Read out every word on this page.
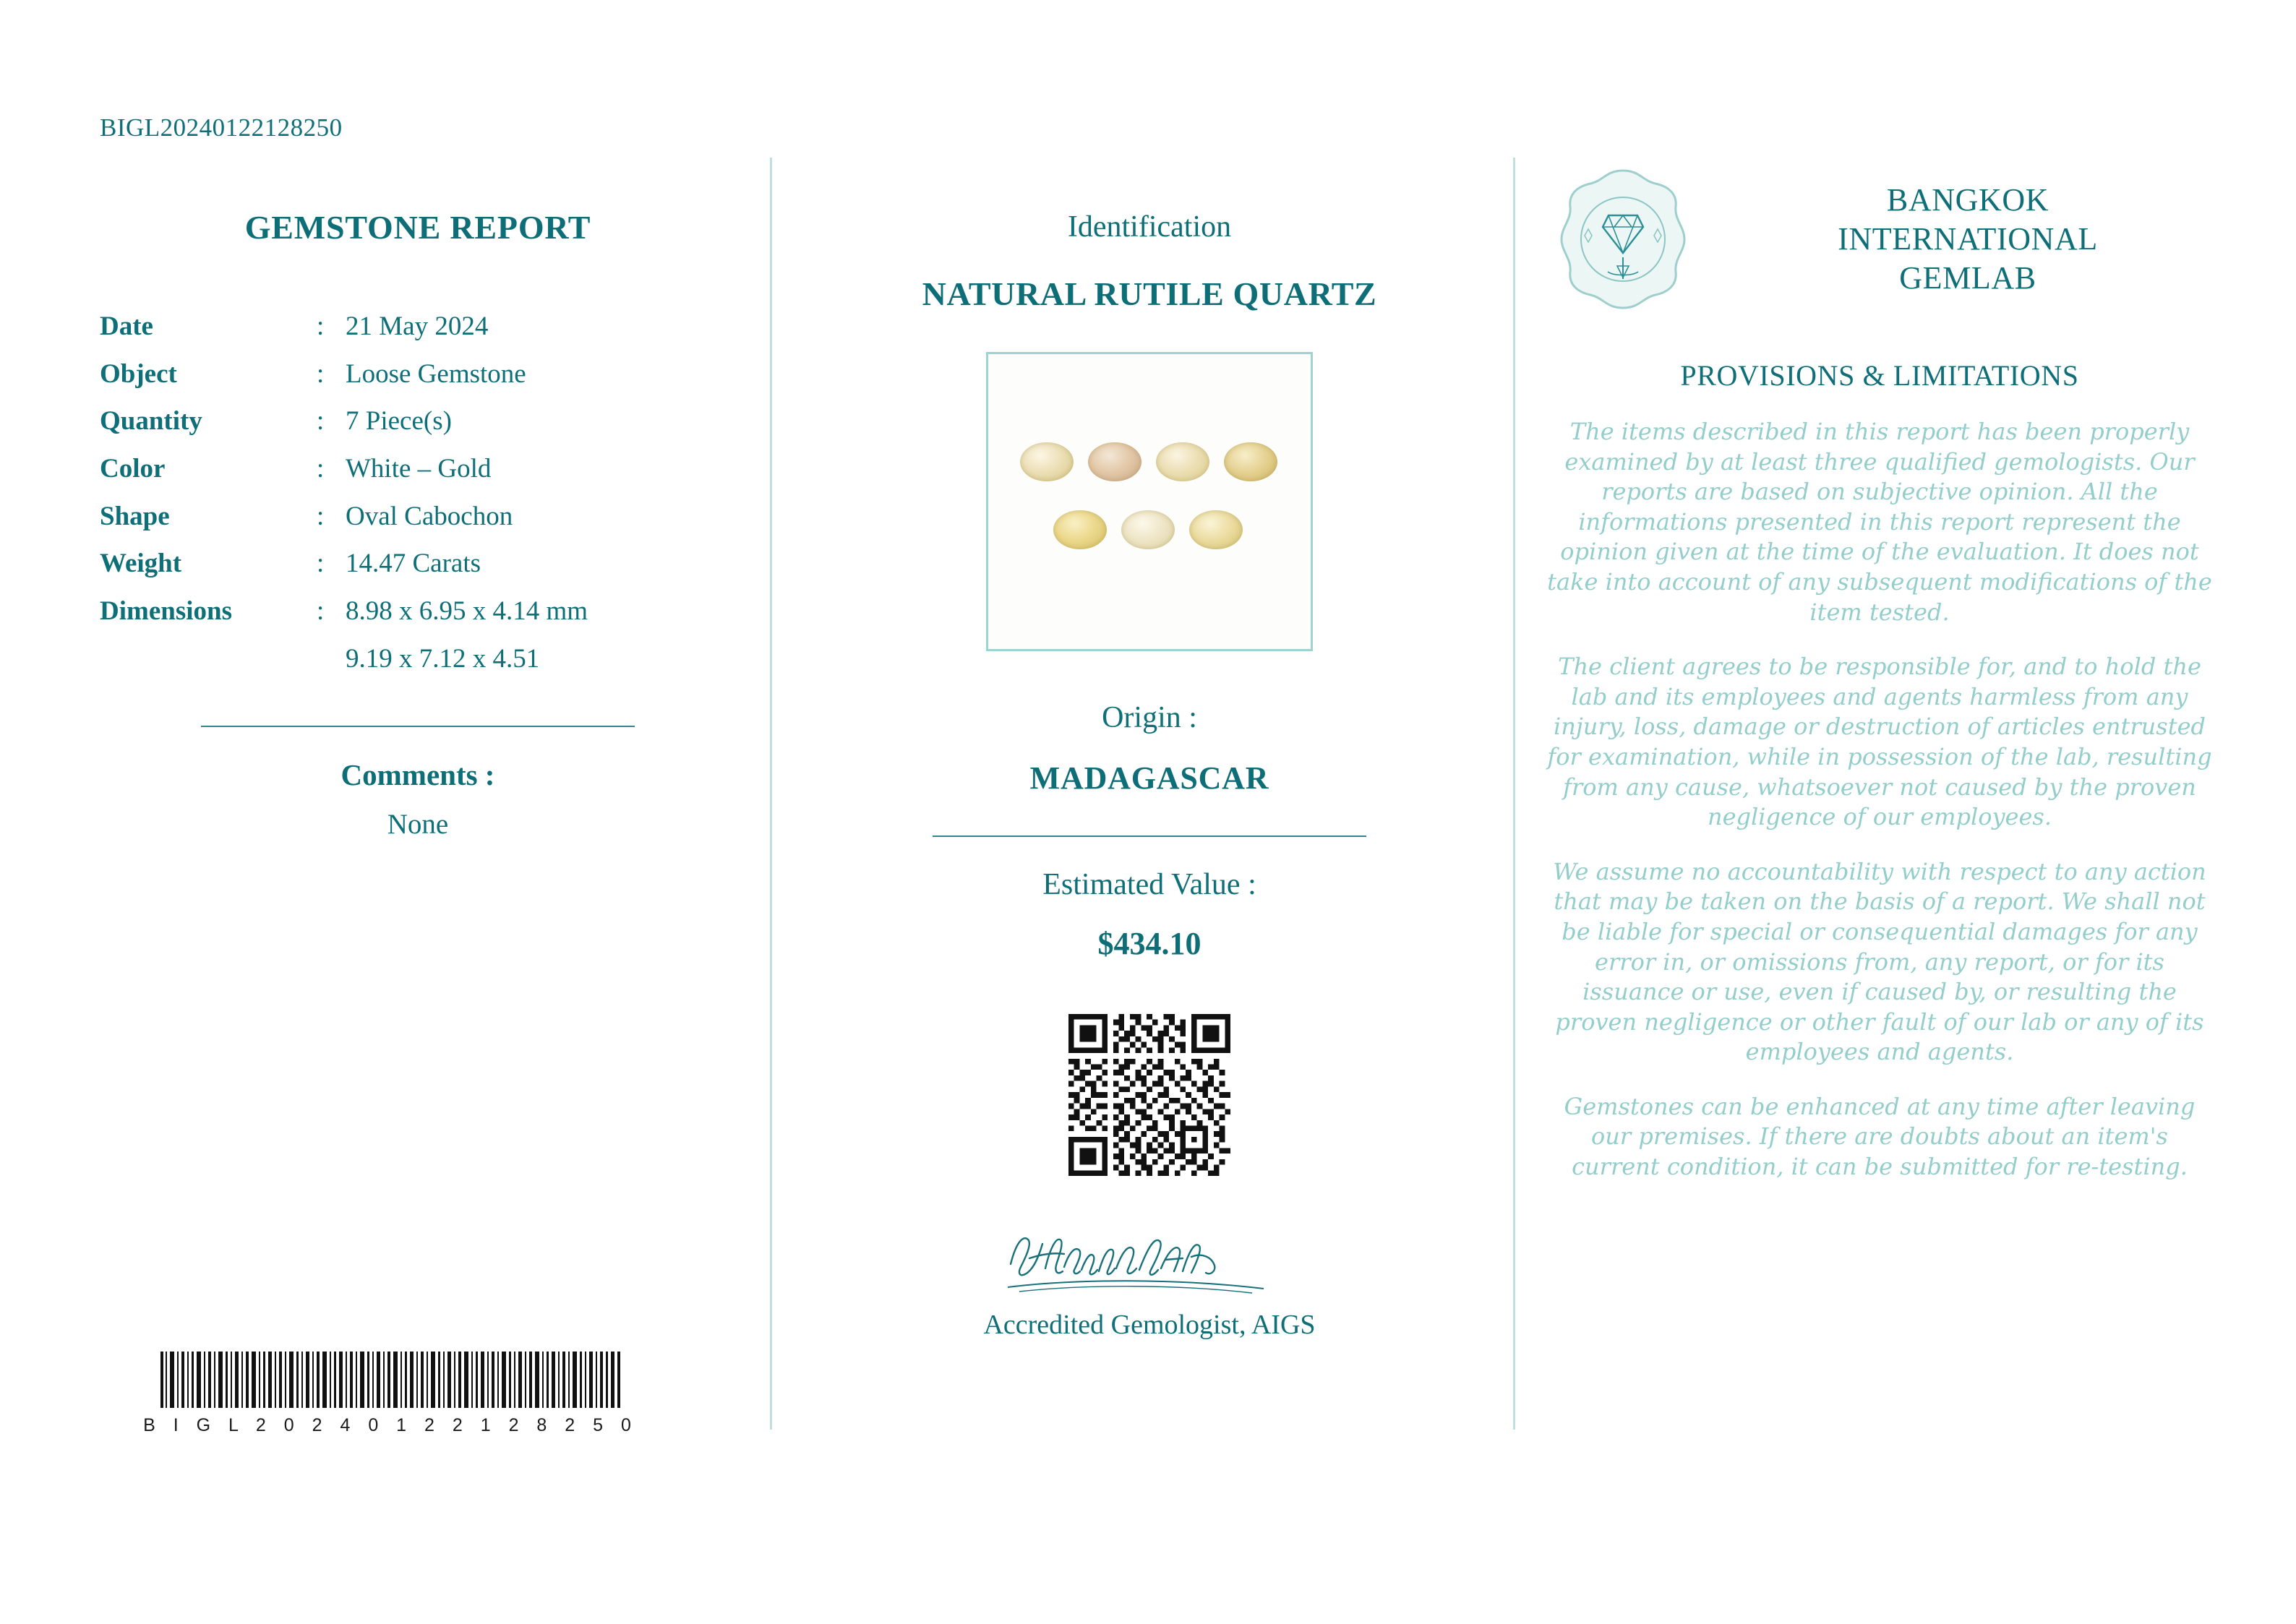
BIGL20240122128250
GEMSTONE REPORT
Date	:	21 May 2024
Object	:	Loose Gemstone
Quantity	:	7 Piece(s)
Color	:	White – Gold
Shape	:	Oval Cabochon
Weight	:	14.47 Carats
Dimensions	:	8.98 x 6.95 x 4.14 mm
		9.19 x 7.12 x 4.51
Comments :
None
B I G L 2 0 2 4 0 1 2 2 1 2 8 2 5 0
Identification
NATURAL RUTILE QUARTZ
Origin :
MADAGASCAR
Estimated Value :
$434.10
Accredited Gemologist, AIGS
BANGKOK
INTERNATIONAL
GEMLAB
PROVISIONS & LIMITATIONS
The items described in this report has been properly examined by at least three qualified gemologists. Our reports are based on subjective opinion. All the informations presented in this report represent the opinion given at the time of the evaluation. It does not take into account of any subsequent modifications of the item tested.
The client agrees to be responsible for, and to hold the lab and its employees and agents harmless from any injury, loss, damage or destruction of articles entrusted for examination, while in possession of the lab, resulting from any cause, whatsoever not caused by the proven negligence of our employees.
We assume no accountability with respect to any action that may be taken on the basis of a report. We shall not be liable for special or consequential damages for any error in, or omissions from, any report, or for its issuance or use, even if caused by, or resulting the proven negligence or other fault of our lab or any of its employees and agents.
Gemstones can be enhanced at any time after leaving our premises. If there are doubts about an item's current condition, it can be submitted for re-testing.
